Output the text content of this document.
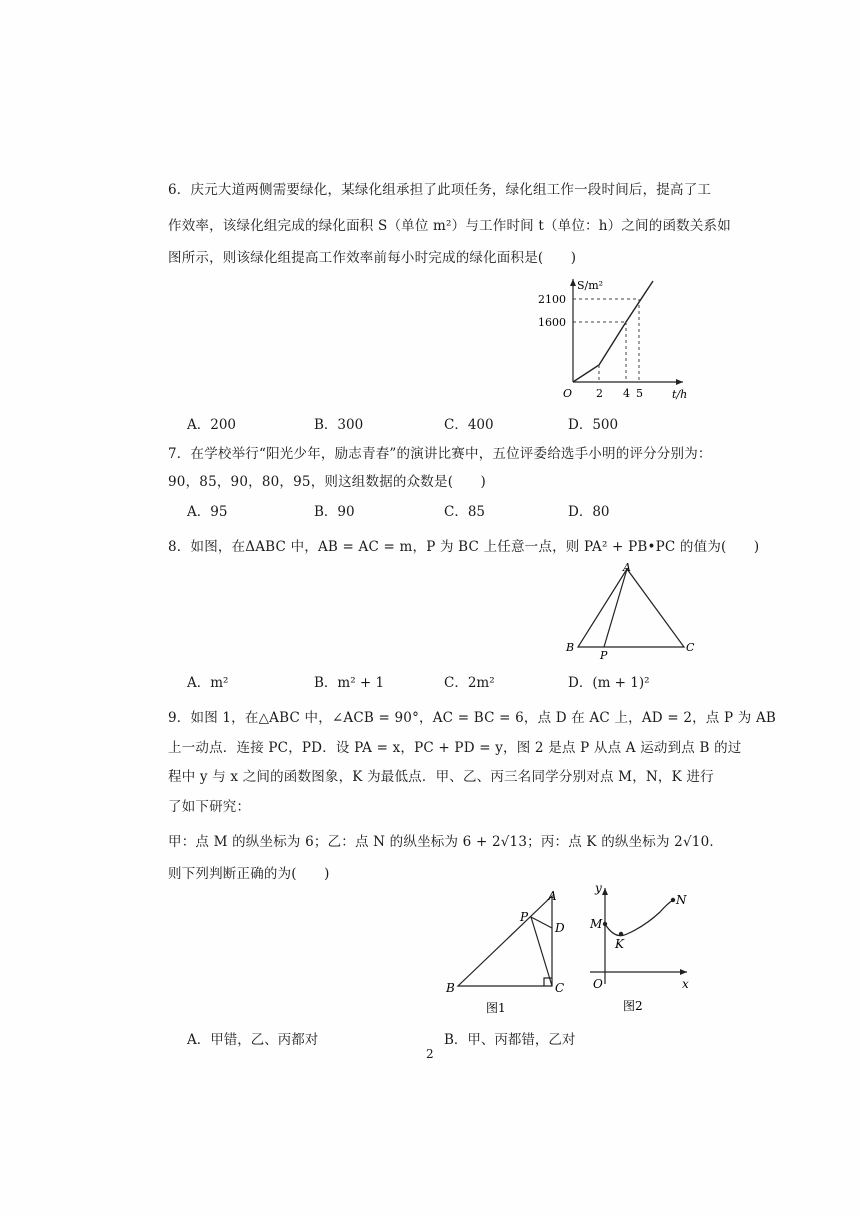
6．庆元大道两侧需要绿化，某绿化组承担了此项任务，绿化组工作一段时间后，提高了工
作效率，该绿化组完成的绿化面积 S（单位 m²）与工作时间 t（单位：h）之间的函数关系如
图所示，则该绿化组提高工作效率前每小时完成的绿化面积是(　　)
S/m²
t/h
O
2100
1600
2 4 5
A．200	B．300	C．400	D．500
7．在学校举行“阳光少年，励志青春”的演讲比赛中，五位评委给选手小明的评分分别为：
90，85，90，80，95，则这组数据的众数是(　　)
A．95	B．90	C．85	D．80
8．如图，在ΔABC 中，AB = AC = m，P 为 BC 上任意一点，则 PA² + PB•PC 的值为(　　)
A
B	C
P
A．m²	B．m² + 1	C．2m²	D．(m + 1)²
9．如图 1，在△ABC 中，∠ACB = 90°，AC = BC = 6，点 D 在 AC 上，AD = 2，点 P 为 AB
上一动点．连接 PC，PD．设 PA = x，PC + PD = y，图 2 是点 P 从点 A 运动到点 B 的过
程中 y 与 x 之间的函数图象，K 为最低点．甲、乙、丙三名同学分别对点 M，N，K 进行
了如下研究：
甲：点 M 的纵坐标为 6；乙：点 N 的纵坐标为 6 + 2√13；丙：点 K 的纵坐标为 2√10．
则下列判断正确的为(　　)
A
B	C
D
P
图1
y
x
O
M
N
K
图2
A．甲错，乙、丙都对	B．甲、丙都错，乙对
2
